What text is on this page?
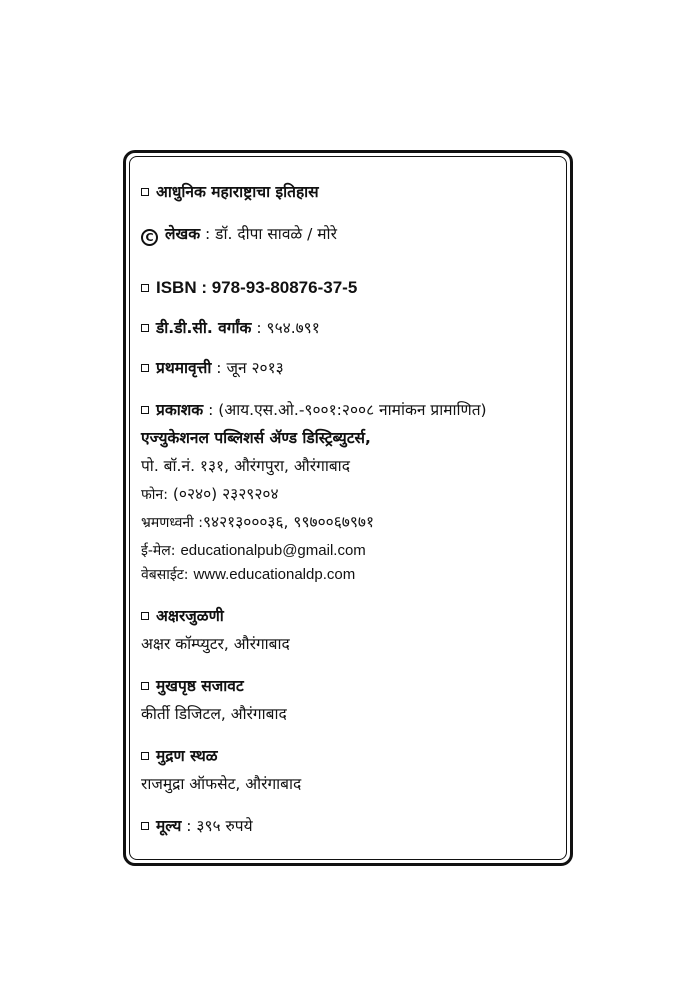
आधुनिक महाराष्ट्राचा इतिहास
C लेखक : डॉ. दीपा सावळे / मोरे
ISBN : 978-93-80876-37-5
डी.डी.सी. वर्गांक : ९५४.७९१
प्रथमावृत्ती : जून २०१३
प्रकाशक : (आय.एस.ओ.-९००१:२००८ नामांकन प्रामाणित)
एज्युकेशनल पब्लिशर्स ॲण्ड डिस्ट्रिब्युटर्स,
पो. बॉ.नं. १३१, औरंगपुरा, औरंगाबाद
फोन: (०२४०) २३२९२०४
भ्रमणध्वनी :९४२१३०००३६, ९९७००६७९७१
ई-मेल: educationalpub@gmail.com
वेबसाईट: www.educationaldp.com
अक्षरजुळणी
अक्षर कॉम्प्युटर, औरंगाबाद
मुखपृष्ठ सजावट
कीर्ती डिजिटल, औरंगाबाद
मुद्रण स्थळ
राजमुद्रा ऑफसेट, औरंगाबाद
मूल्य : ३९५ रुपये
